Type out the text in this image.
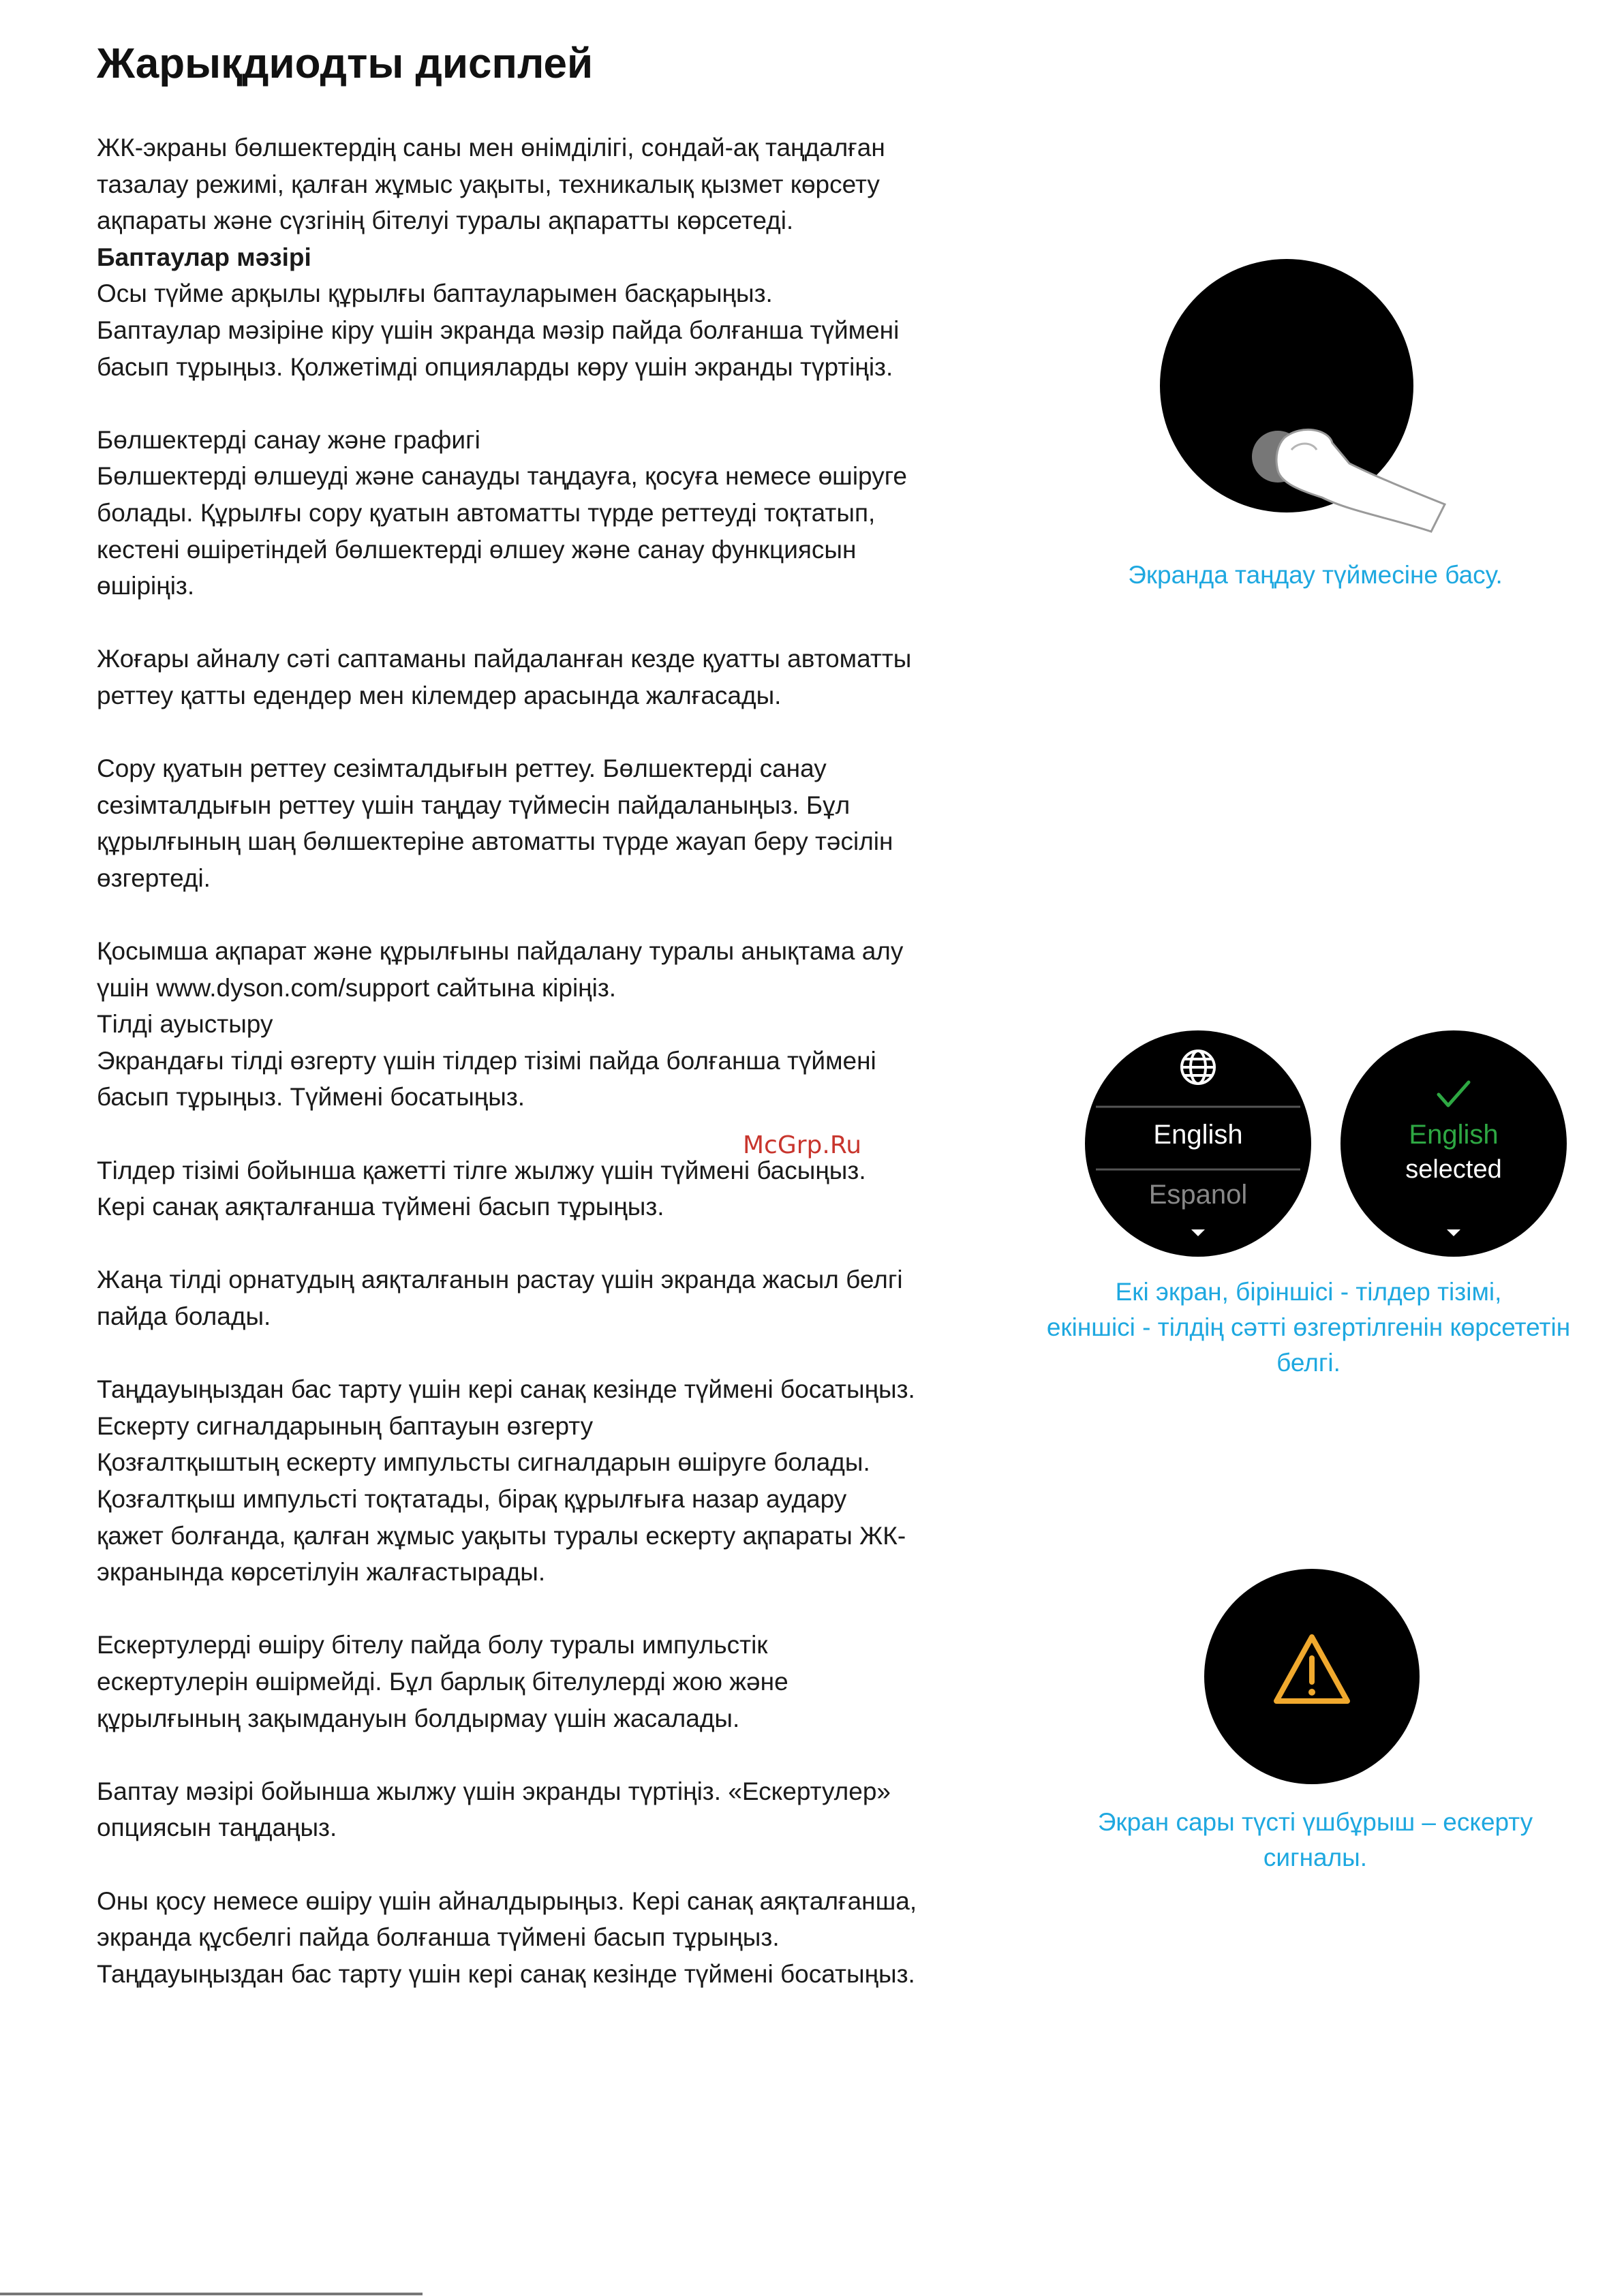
Жарықдиодты дисплей

ЖК-экраны бөлшектердің саны мен өнімділігі, сондай-ақ таңдалған
тазалау режимі, қалған жұмыс уақыты, техникалық қызмет көрсету
ақпараты және сүзгінің бітелуі туралы ақпаратты көрсетеді.

Баптаулар мәзірі

Осы түйме арқылы құрылғы баптауларымен басқарыңыз.
Баптаулар мәзіріне кіру үшін экранда мәзір пайда болғанша түймені
басып тұрыңыз. Қолжетімді опцияларды көру үшін экранды түртіңіз.

Бөлшектерді санау және графигі
Бөлшектерді өлшеуді және санауды таңдауға, қосуға немесе өшіруге
болады. Құрылғы сору қуатын автоматты түрде реттеуді тоқтатып,
кестені өшіретіндей бөлшектерді өлшеу және санау функциясын
өшіріңіз.

Жоғары айналу сәті саптаманы пайдаланған кезде қуатты автоматты
реттеу қатты едендер мен кілемдер арасында жалғасады.

Сору қуатын реттеу сезімталдығын реттеу. Бөлшектерді санау
сезімталдығын реттеу үшін таңдау түймесін пайдаланыңыз. Бұл
құрылғының шаң бөлшектеріне автоматты түрде жауап беру тәсілін
өзгертеді.

Қосымша ақпарат және құрылғыны пайдалану туралы анықтама алу
үшін www.dyson.com/support сайтына кіріңіз.
Тілді ауыстыру
Экрандағы тілді өзгерту үшін тілдер тізімі пайда болғанша түймені
басып тұрыңыз. Түймені босатыңыз.

Тілдер тізімі бойынша қажетті тілге жылжу үшін түймені басыңыз.
Кері санақ аяқталғанша түймені басып тұрыңыз.

Жаңа тілді орнатудың аяқталғанын растау үшін экранда жасыл белгі
пайда болады.

Таңдауыңыздан бас тарту үшін кері санақ кезінде түймені босатыңыз.
Ескерту сигналдарының баптауын өзгерту
Қозғалтқыштың ескерту импульсты сигналдарын өшіруге болады.
Қозғалтқыш импульсті тоқтатады, бірақ құрылғыға назар аудару
қажет болғанда, қалған жұмыс уақыты туралы ескерту ақпараты ЖК-
экранында көрсетілуін жалғастырады.

Ескертулерді өшіру бітелу пайда болу туралы импульстік
ескертулерін өшірмейді. Бұл барлық бітелулерді жою және
құрылғының зақымдануын болдырмау үшін жасалады.

Баптау мәзірі бойынша жылжу үшін экранды түртіңіз. «Ескертулер»
опциясын таңдаңыз.

Оны қосу немесе өшіру үшін айналдырыңыз. Кері санақ аяқталғанша,
экранда құсбелгі пайда болғанша түймені басып тұрыңыз.
Таңдауыңыздан бас тарту үшін кері санақ кезінде түймені босатыңыз.

Экранда таңдау түймесіне басу.
English
Espanol
English
selected
Екі экран, біріншісі - тілдер тізімі,
екіншісі - тілдің сәтті өзгертілгенін көрсететін
белгі.
Экран сары түсті үшбұрыш – ескерту
сигналы.
McGrp.Ru
